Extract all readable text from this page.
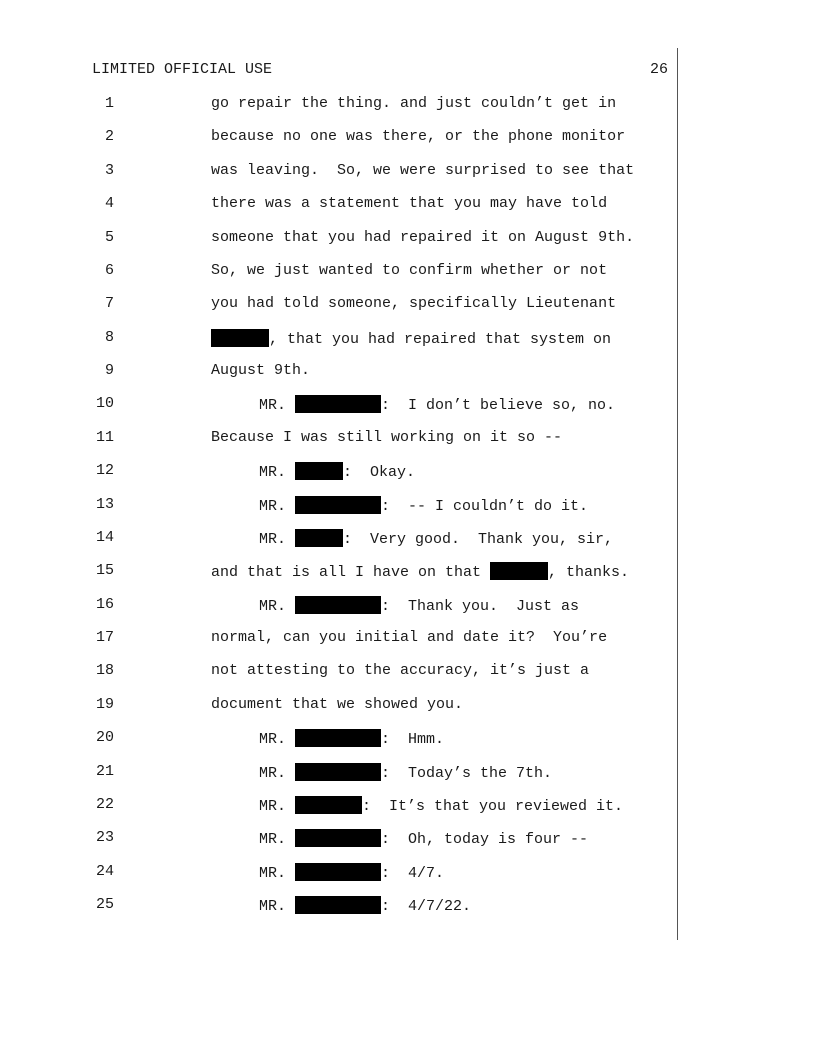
LIMITED OFFICIAL USE	26
1	go repair the thing. and just couldn’t get in
2	because no one was there, or the phone monitor
3	was leaving.  So, we were surprised to see that
4	there was a statement that you may have told
5	someone that you had repaired it on August 9th.
6	So, we just wanted to confirm whether or not
7	you had told someone, specifically Lieutenant
8	, that you had repaired that system on
9	August 9th.
10	MR.	:  I don’t believe so, no.
11	Because I was still working on it so --
12	MR.	:  Okay.
13	MR.	:  -- I couldn’t do it.
14	MR.	:  Very good.  Thank you, sir,
15	and that is all I have on that	, thanks.
16	MR.	:  Thank you.  Just as
17	normal, can you initial and date it?  You’re
18	not attesting to the accuracy, it’s just a
19	document that we showed you.
20	MR.	:  Hmm.
21	MR.	:  Today’s the 7th.
22	MR.	:  It’s that you reviewed it.
23	MR.	:  Oh, today is four --
24	MR.	:  4/7.
25	MR.	:  4/7/22.
